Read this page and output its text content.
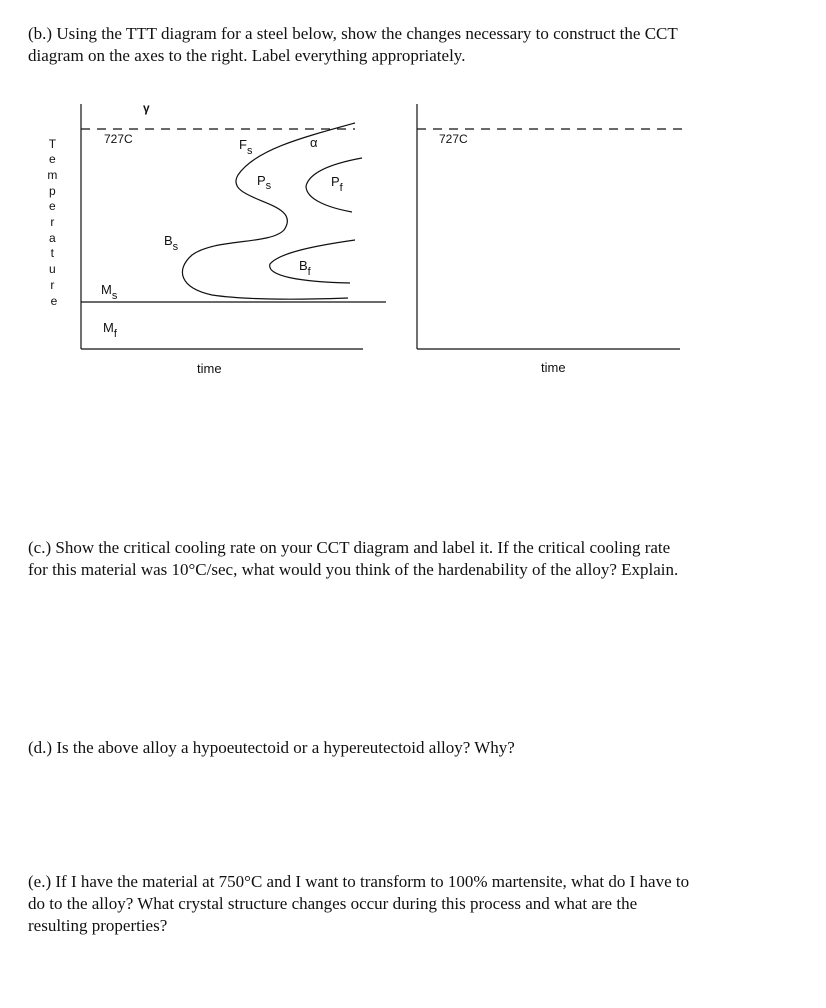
(b.) Using the TTT diagram for a steel below, show the changes necessary to construct the CCT
diagram on the axes to the right. Label everything appropriately.

T e m p e r a t u r e
727C
γ
α
$F_s$
$P_s$	$P_f$
$B_s$
$B_f$
$M_s$
$M_f$
time
727C
time

(c.) Show the critical cooling rate on your CCT diagram and label it. If the critical cooling rate
for this material was 10°C/sec, what would you think of the hardenability of the alloy? Explain.

(d.) Is the above alloy a hypoeutectoid or a hypereutectoid alloy? Why?

(e.) If I have the material at 750°C and I want to transform to 100% martensite, what do I have to
do to the alloy? What crystal structure changes occur during this process and what are the
resulting properties?
